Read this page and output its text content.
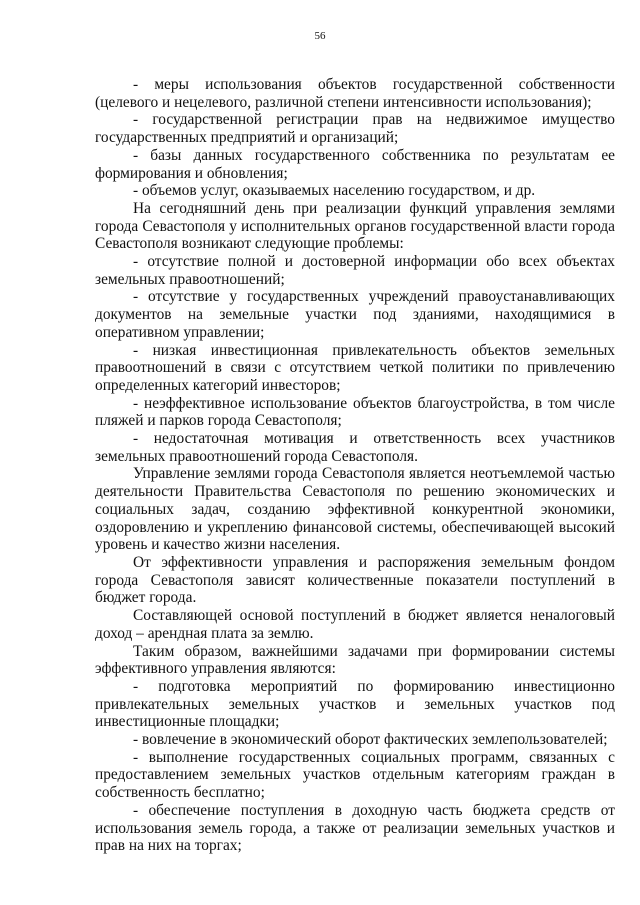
56

- меры использования объектов государственной собственности (целевого и нецелевого, различной степени интенсивности использования);

- государственной регистрации прав на недвижимое имущество государственных предприятий и организаций;

- базы данных государственного собственника по результатам ее формирования и обновления;

- объемов услуг, оказываемых населению государством, и др.

На сегодняшний день при реализации функций управления землями города Севастополя у исполнительных органов государственной власти города Севастополя возникают следующие проблемы:

- отсутствие полной и достоверной информации обо всех объектах земельных правоотношений;

- отсутствие у государственных учреждений правоустанавливающих документов на земельные участки под зданиями, находящимися в оперативном управлении;

- низкая инвестиционная привлекательность объектов земельных правоотношений в связи с отсутствием четкой политики по привлечению определенных категорий инвесторов;

- неэффективное использование объектов благоустройства, в том числе пляжей и парков города Севастополя;

- недостаточная мотивация и ответственность всех участников земельных правоотношений города Севастополя.

Управление землями города Севастополя является неотъемлемой частью деятельности Правительства Севастополя по решению экономических и социальных задач, созданию эффективной конкурентной экономики, оздоровлению и укреплению финансовой системы, обеспечивающей высокий уровень и качество жизни населения.

От эффективности управления и распоряжения земельным фондом города Севастополя зависят количественные показатели поступлений в бюджет города.

Составляющей основой поступлений в бюджет является неналоговый доход – арендная плата за землю.

Таким образом, важнейшими задачами при формировании системы эффективного управления являются:

- подготовка мероприятий по формированию инвестиционно привлекательных земельных участков и земельных участков под инвестиционные площадки;

- вовлечение в экономический оборот фактических землепользователей;

- выполнение государственных социальных программ, связанных с предоставлением земельных участков отдельным категориям граждан в собственность бесплатно;

- обеспечение поступления в доходную часть бюджета средств от использования земель города, а также от реализации земельных участков и прав на них на торгах;
